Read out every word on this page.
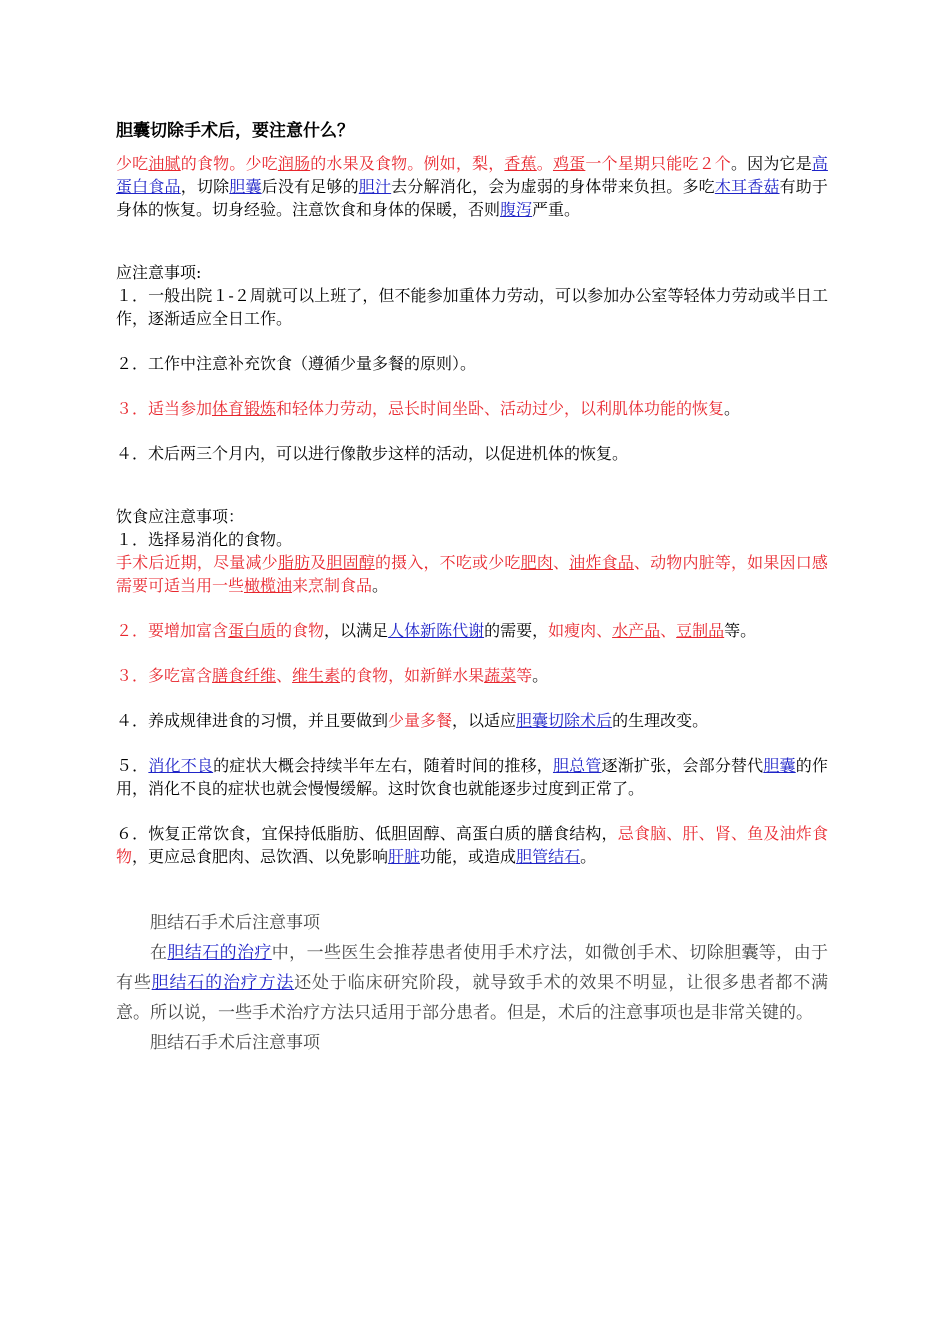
胆囊切除手术后，要注意什么？

少吃油腻的食物。少吃润肠的水果及食物。例如，梨，香蕉。鸡蛋一个星期只能吃２个。因为它是高蛋白食品，切除胆囊后没有足够的胆汁去分解消化，会为虚弱的身体带来负担。多吃木耳香菇有助于身体的恢复。切身经验。注意饮食和身体的保暖，否则腹泻严重。

应注意事项:

１．一般出院１-２周就可以上班了，但不能参加重体力劳动，可以参加办公室等轻体力劳动或半日工作，逐渐适应全日工作。

２．工作中注意补充饮食（遵循少量多餐的原则）。

３．适当参加体育锻炼和轻体力劳动，忌长时间坐卧、活动过少，以利肌体功能的恢复。

４．术后两三个月内，可以进行像散步这样的活动，以促进机体的恢复。

饮食应注意事项：

１．选择易消化的食物。

手术后近期，尽量减少脂肪及胆固醇的摄入，不吃或少吃肥肉、油炸食品、动物内脏等，如果因口感需要可适当用一些橄榄油来烹制食品。

２．要增加富含蛋白质的食物，以满足人体新陈代谢的需要，如瘦肉、水产品、豆制品等。

３．多吃富含膳食纤维、维生素的食物，如新鲜水果蔬菜等。

４．养成规律进食的习惯，并且要做到少量多餐，以适应胆囊切除术后的生理改变。

５．消化不良的症状大概会持续半年左右，随着时间的推移，胆总管逐渐扩张，会部分替代胆囊的作用，消化不良的症状也就会慢慢缓解。这时饮食也就能逐步过度到正常了。

６．恢复正常饮食，宜保持低脂肪、低胆固醇、高蛋白质的膳食结构，忌食脑、肝、肾、鱼及油炸食物，更应忌食肥肉、忌饮酒、以免影响肝脏功能，或造成胆管结石。

胆结石手术后注意事项

在胆结石的治疗中，一些医生会推荐患者使用手术疗法，如微创手术、切除胆囊等，由于有些胆结石的治疗方法还处于临床研究阶段，就导致手术的效果不明显，让很多患者都不满意。所以说，一些手术治疗方法只适用于部分患者。但是，术后的注意事项也是非常关键的。

胆结石手术后注意事项
